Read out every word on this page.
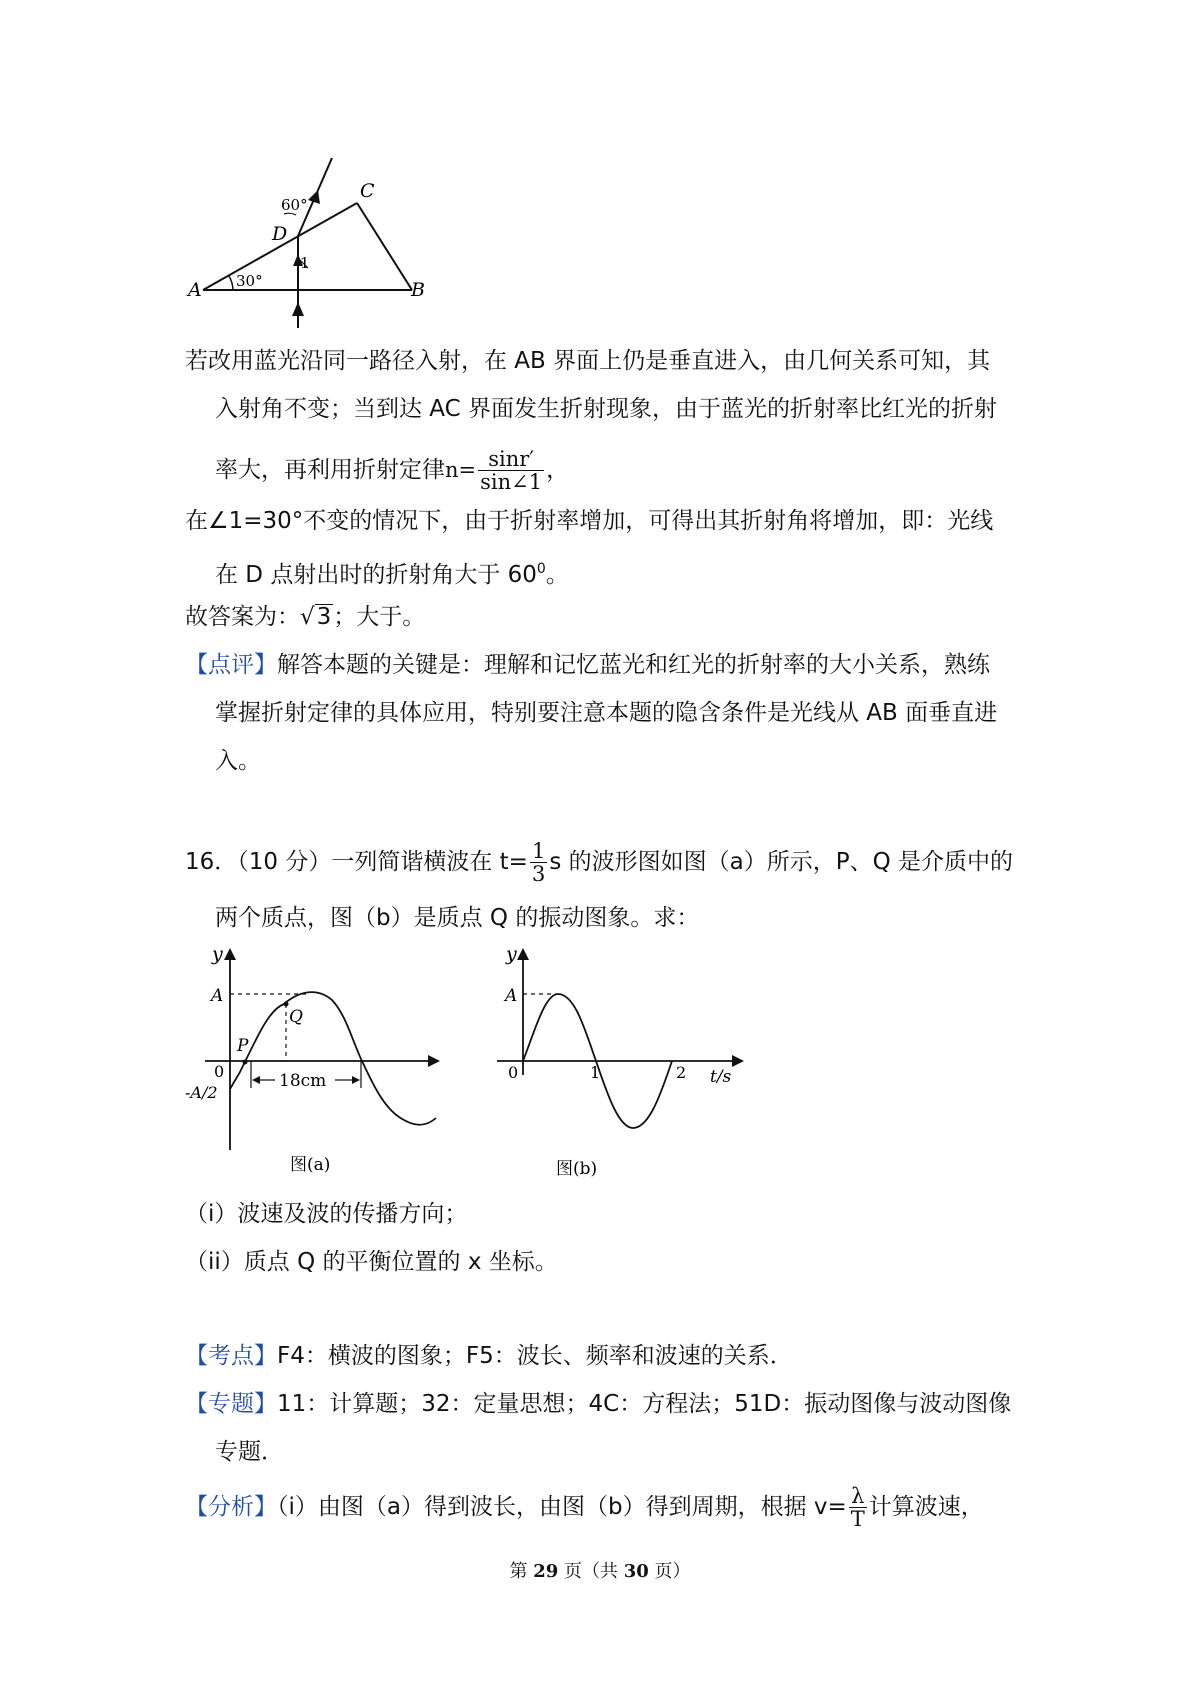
A	B
C
D
30°
60°
1
若改用蓝光沿同一路径入射，在 AB 界面上仍是垂直进入，由几何关系可知，其
入射角不变；当到达 AC 界面发生折射现象，由于蓝光的折射率比红光的折射
率大，再利用折射定律$n= \frac{\sin r'}{\sin\angle 1}$ ，
在∠1=30°不变的情况下，由于折射率增加，可得出其折射角将增加，即：光线
在 D 点射出时的折射角大于 $60^0$。
故答案为：√3；大于。
【点评】解答本题的关键是：理解和记忆蓝光和红光的折射率的大小关系，熟练
掌握折射定律的具体应用，特别要注意本题的隐含条件是光线从 AB 面垂直进
入。
16．（10 分）一列简谐横波在 $t= \frac{1}{3}$ s 的波形图如图（a）所示，P、Q 是介质中的
两个质点，图（b）是质点 Q 的振动图象。求：
y
A
P
Q
0
-A/2
18cm
图(a)
y
A
0	1	2 t/s
图(b)
（i）波速及波的传播方向；
（ii）质点 Q 的平衡位置的 x 坐标。
【考点】F4：横波的图象；F5：波长、频率和波速的关系．
【专题】11：计算题；32：定量思想；4C：方程法；51D：振动图像与波动图像
专题．
【分析】（i）由图（a）得到波长，由图（b）得到周期，根据 $v= \frac{\lambda}{T}$ 计算波速，
第 29 页（共 30 页）
